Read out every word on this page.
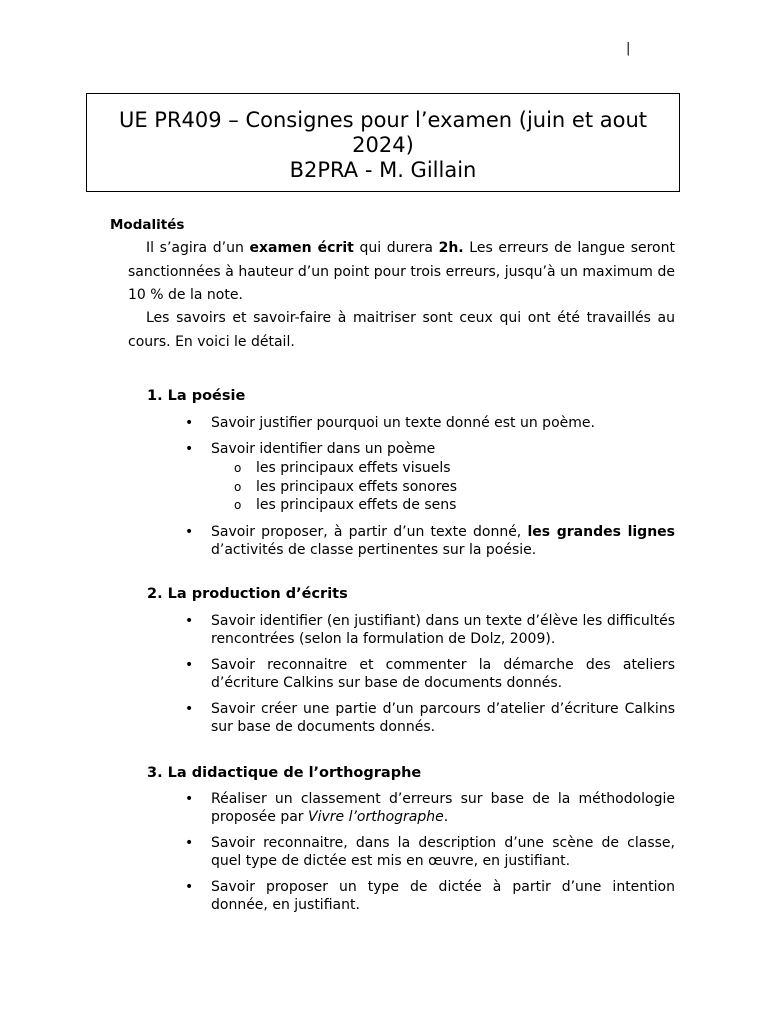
|

UE PR409 – Consignes pour l’examen (juin et aout

2024)

B2PRA - M. Gillain

Modalités
Il s’agira d’un examen écrit qui durera 2h. Les erreurs de langue seront sanctionnées à hauteur d’un point pour trois erreurs, jusqu’à un maximum de 10 % de la note.
Les savoirs et savoir-faire à maitriser sont ceux qui ont été travaillés au cours. En voici le détail.
1. La poésie
• Savoir justifier pourquoi un texte donné est un poème.
• Savoir identifier dans un poème
o les principaux effets visuels
o les principaux effets sonores
o les principaux effets de sens
• Savoir proposer, à partir d’un texte donné, les grandes lignes d’activités de classe pertinentes sur la poésie.
2. La production d’écrits
• Savoir identifier (en justifiant) dans un texte d’élève les difficultés rencontrées (selon la formulation de Dolz, 2009).
• Savoir reconnaitre et commenter la démarche des ateliers d’écriture Calkins sur base de documents donnés.
• Savoir créer une partie d’un parcours d’atelier d’écriture Calkins sur base de documents donnés.
3. La didactique de l’orthographe
• Réaliser un classement d’erreurs sur base de la méthodologie proposée par Vivre l’orthographe.
• Savoir reconnaitre, dans la description d’une scène de classe, quel type de dictée est mis en œuvre, en justifiant.
• Savoir proposer un type de dictée à partir d’une intention donnée, en justifiant.
